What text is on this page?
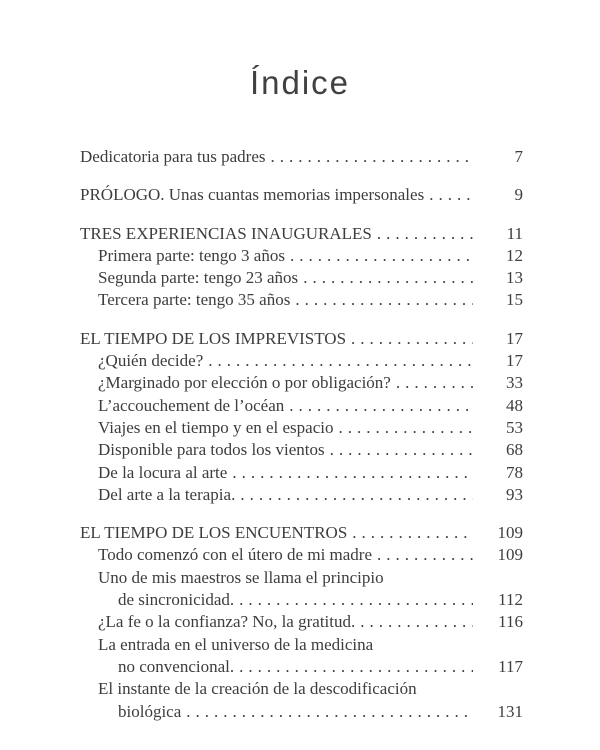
Índice
Dedicatoria para tus padres .....	7
PRÓLOGO. Unas cuantas memorias impersonales .....	9
TRES EXPERIENCIAS INAUGURALES .....	11
Primera parte: tengo 3 años .....	12
Segunda parte: tengo 23 años .....	13
Tercera parte: tengo 35 años .....	15
EL TIEMPO DE LOS IMPREVISTOS .....	17
¿Quién decide? .....	17
¿Marginado por elección o por obligación? .....	33
L’accouchement de l’océan .....	48
Viajes en el tiempo y en el espacio .....	53
Disponible para todos los vientos .....	68
De la locura al arte .....	78
Del arte a la terapia. .....	93
EL TIEMPO DE LOS ENCUENTROS .....	109
Todo comenzó con el útero de mi madre .....	109
Uno de mis maestros se llama el principio
de sincronicidad. .....	112
¿La fe o la confianza? No, la gratitud. .....	116
La entrada en el universo de la medicina
no convencional. .....	117
El instante de la creación de la descodificación
biológica .....	131
